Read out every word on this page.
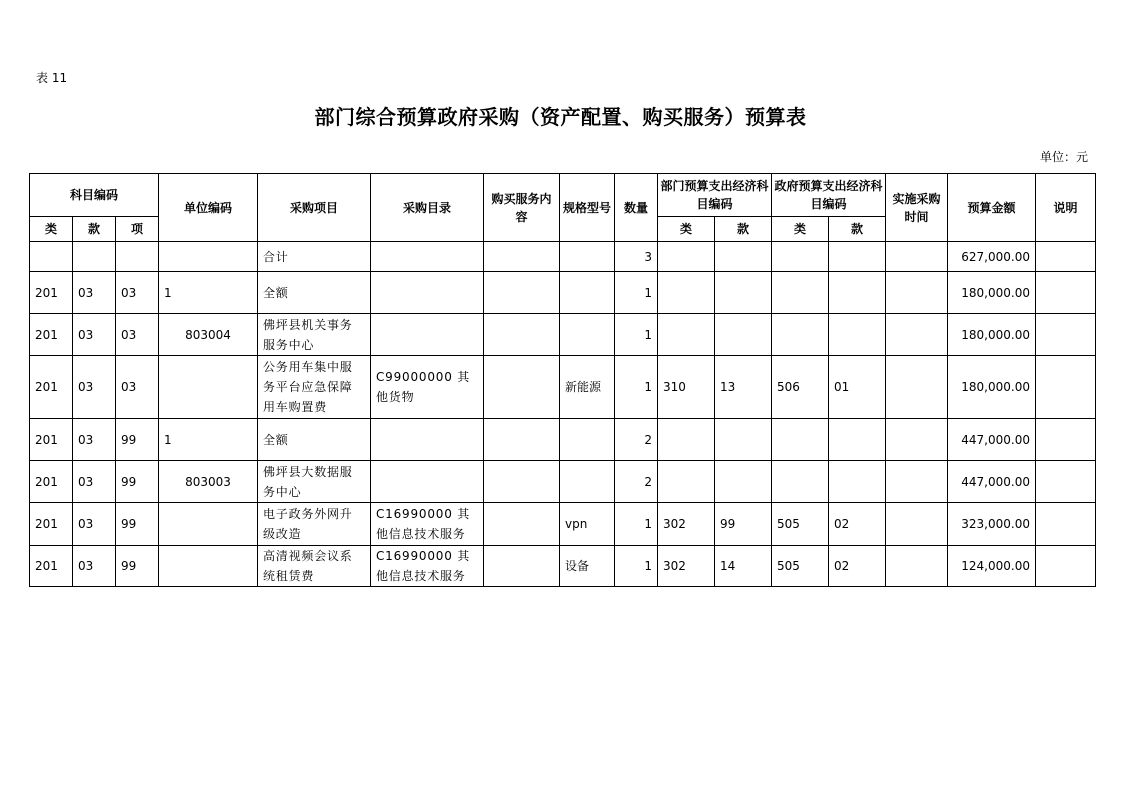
表 11
部门综合预算政府采购（资产配置、购买服务）预算表
单位：元
科目编码			单位编码	采购项目	采购目录	购买服务内容	规格型号	数量	部门预算支出经济科目编码		政府预算支出经济科目编码		实施采购时间	预算金额	说明
类	款	项							类	款	类	款			
				合计				3						627,000.00	
201	03	03	1	全额				1						180,000.00	
201	03	03	803004	佛坪县机关事务服务中心				1						180,000.00	
201	03	03		公务用车集中服务平台应急保障用车购置费	C99000000 其他货物		新能源	1	310	13	506	01		180,000.00	
201	03	99	1	全额				2						447,000.00	
201	03	99	803003	佛坪县大数据服务中心				2						447,000.00	
201	03	99		电子政务外网升级改造	C16990000 其他信息技术服务		vpn	1	302	99	505	02		323,000.00	
201	03	99		高清视频会议系统租赁费	C16990000 其他信息技术服务		设备	1	302	14	505	02		124,000.00	
